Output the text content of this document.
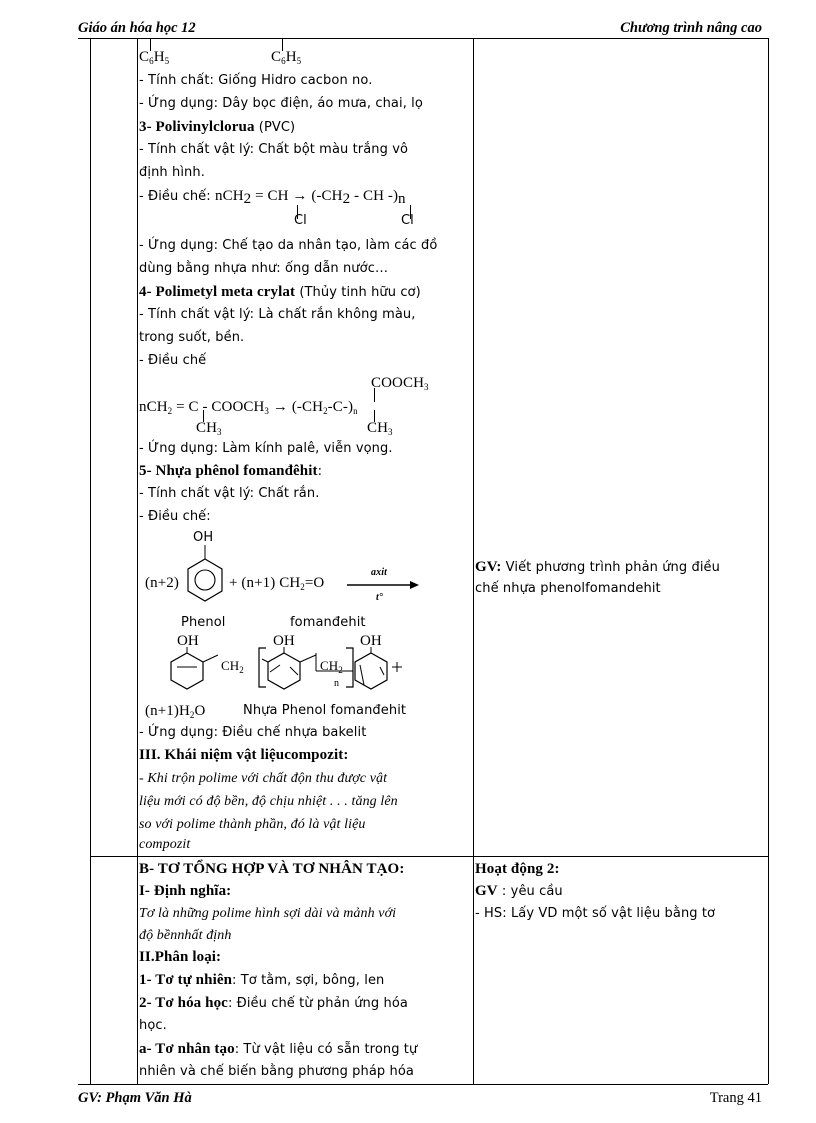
Giáo án hóa học 12	Chương trình nâng cao
$C_6H_5$	$C_6H_5$
- Tính chất: Giống Hidro cacbon no.
- Ứng dụng: Dây bọc điện, áo mưa, chai, lọ
3- Polivinylclorua (PVC)
- Tính chất vật lý: Chất bột màu trắng vô
định hình.
- Điều chế: nCH$_2$ = CH → ($-CH_2$ - CH $-)_n$
Cl	Cl
- Ứng dụng: Chế tạo da nhân tạo, làm các đồ
dùng bằng nhựa như: ống dẫn nước…
4- Polimetyl meta crylat (Thủy tinh hữu cơ)
- Tính chất vật lý: Là chất rắn không màu,
trong suốt, bền.
- Điều chế
$COOCH_3$
$nCH_2 = C - COOCH_3 \to (-CH_2-C-)_n$
$CH_3$	$CH_3$
- Ứng dụng: Làm kính palê, viễn vọng.
5- Nhựa phênol fomanđêhit:
- Tính chất vật lý: Chất rắn.
- Điều chế:
OH
(n+2)	+ (n+1) $CH_2=O$
axit
t°
Phenol	fomanđehit
OH	OH	OH
$CH_2$	$CH_2$
n
$(n+1)H_2O$	Nhựa Phenol fomanđehit
- Ứng dụng: Điều chế nhựa bakelit
III. Khái niệm vật liệucompozit:
- Khi trộn polime với chất độn thu được vật
liệu mới có độ bền, độ chịu nhiệt . . . tăng lên
so với polime thành phần, đó là vật liệu
compozit
GV: Viết phương trình phản ứng điều
chế nhựa phenolfomandehit
B- TƠ TỔNG HỢP VÀ TƠ NHÂN TẠO:
I- Định nghĩa:
Tơ là những polime hình sợi dài và mảnh với
độ bềnnhất định
II.Phân loại:
1- Tơ tự nhiên: Tơ tằm, sợi, bông, len
2- Tơ hóa học: Điều chế từ phản ứng hóa
học.
a- Tơ nhân tạo: Từ vật liệu có sẵn trong tự
nhiên và chế biến bằng phương pháp hóa
Hoạt động 2:
GV : yêu cầu
- HS: Lấy VD một số vật liệu bằng tơ
GV: Phạm Văn Hà	Trang 41
